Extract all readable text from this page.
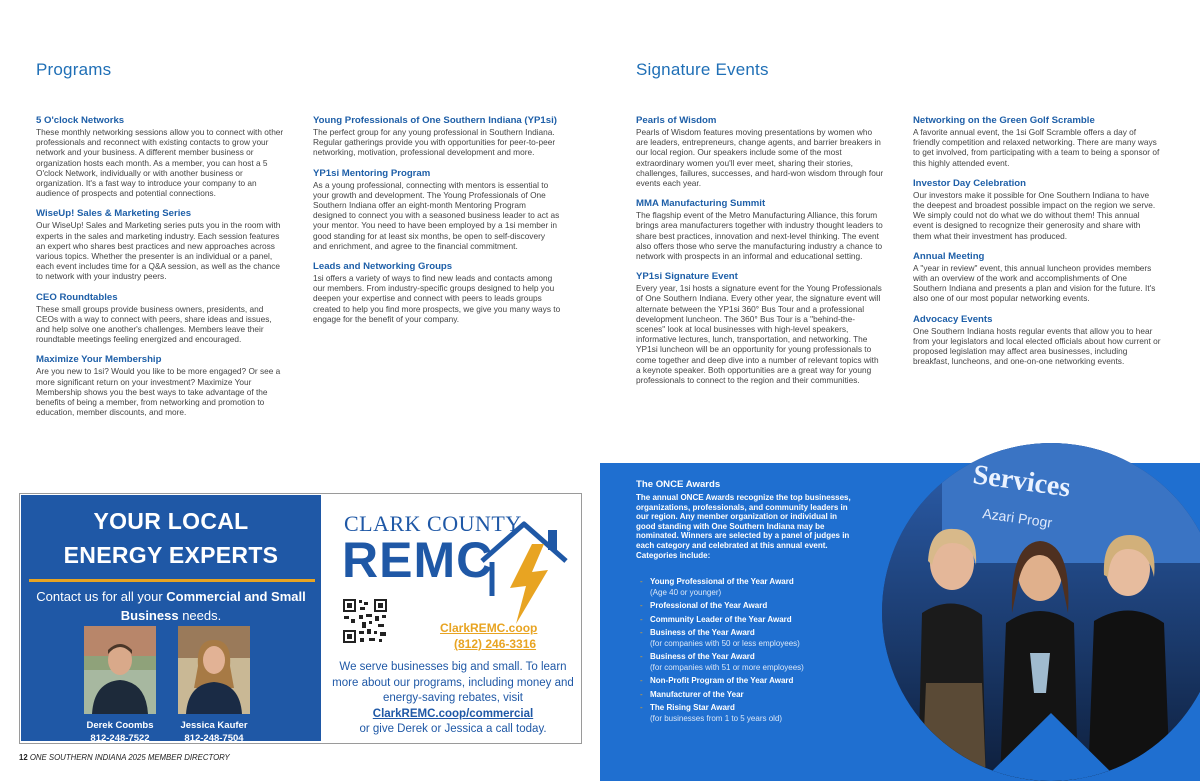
Programs	Signature Events
5 O'clock Networks

These monthly networking sessions allow you to connect with other professionals and reconnect with existing contacts to grow your network and your business. A different member business or organization hosts each month. As a member, you can host a 5 O'clock Network, individually or with another business or organization. It's a fast way to introduce your company to an audience of prospects and potential connections.

WiseUp! Sales & Marketing Series

Our WiseUp! Sales and Marketing series puts you in the room with experts in the sales and marketing industry. Each session features an expert who shares best practices and new approaches across various topics. Whether the presenter is an individual or a panel, each event includes time for a Q&A session, as well as the chance to network with your industry peers.

CEO Roundtables

These small groups provide business owners, presidents, and CEOs with a way to connect with peers, share ideas and issues, and help solve one another's challenges. Members leave their roundtable meetings feeling energized and encouraged.

Maximize Your Membership

Are you new to 1si? Would you like to be more engaged? Or see a more significant return on your investment? Maximize Your Membership shows you the best ways to take advantage of the benefits of being a member, from networking and promotion to education, member discounts, and more.

Young Professionals of One Southern Indiana (YP1si)

The perfect group for any young professional in Southern Indiana. Regular gatherings provide you with opportunities for peer-to-peer networking, motivation, professional development and more.

YP1si Mentoring Program

As a young professional, connecting with mentors is essential to your growth and development. The Young Professionals of One Southern Indiana offer an eight-month Mentoring Program designed to connect you with a seasoned business leader to act as your mentor. You need to have been employed by a 1si member in good standing for at least six months, be open to self-discovery and enrichment, and agree to the financial commitment.

Leads and Networking Groups

1si offers a variety of ways to find new leads and contacts among our members. From industry-specific groups designed to help you deepen your expertise and connect with peers to leads groups created to help you find more prospects, we give you many ways to engage for the benefit of your company.

Pearls of Wisdom

Pearls of Wisdom features moving presentations by women who are leaders, entrepreneurs, change agents, and barrier breakers in our local region. Our speakers include some of the most extraordinary women you'll ever meet, sharing their stories, challenges, failures, successes, and hard-won wisdom through four events each year.

MMA Manufacturing Summit

The flagship event of the Metro Manufacturing Alliance, this forum brings area manufacturers together with industry thought leaders to share best practices, innovation and next-level thinking. The event also offers those who serve the manufacturing industry a chance to network with prospects in an informal and educational setting.

YP1si Signature Event

Every year, 1si hosts a signature event for the Young Professionals of One Southern Indiana. Every other year, the signature event will alternate between the YP1si 360° Bus Tour and a professional development luncheon. The 360° Bus Tour is a "behind-the-scenes" look at local businesses with high-level speakers, informative lectures, lunch, transportation, and networking. The YP1si luncheon will be an opportunity for young professionals to come together and deep dive into a number of relevant topics with a keynote speaker. Both opportunities are a great way for young professionals to connect to the region and their communities.

Networking on the Green Golf Scramble

A favorite annual event, the 1si Golf Scramble offers a day of friendly competition and relaxed networking. There are many ways to get involved, from participating with a team to being a sponsor of this highly attended event.

Investor Day Celebration

Our investors make it possible for One Southern Indiana to have the deepest and broadest possible impact on the region we serve. We simply could not do what we do without them! This annual event is designed to recognize their generosity and share with them what their investment has produced.

Annual Meeting

A "year in review" event, this annual luncheon provides members with an overview of the work and accomplishments of One Southern Indiana and presents a plan and vision for the future. It's also one of our most popular networking events.

Advocacy Events

One Southern Indiana hosts regular events that allow you to hear from your legislators and local elected officials about how current or proposed legislation may affect area businesses, including breakfast, luncheons, and one-on-one networking events.

YOUR LOCAL
ENERGY EXPERTS
Contact us for all your Commercial and Small Business needs.
Derek Coombs
812-248-7522
Jessica Kaufer
812-248-7504
CLARK COUNTY
REMC
ClarkREMC.coop
(812) 246-3316
We serve businesses big and small. To learn more about our programs, including money and energy-saving rebates, visit
ClarkREMC.coop/commercial
or give Derek or Jessica a call today.
The ONCE Awards

The annual ONCE Awards recognize the top businesses, organizations, professionals, and community leaders in our region. Any member organization or individual in good standing with One Southern Indiana may be nominated. Winners are selected by a panel of judges in each category and celebrated at this annual event. Categories include:

- Young Professional of the Year Award
(Age 40 or younger)
- Professional of the Year Award
- Community Leader of the Year Award
- Business of the Year Award
(for companies with 50 or less employees)
- Business of the Year Award
(for companies with 51 or more employees)
- Non-Profit Program of the Year Award
- Manufacturer of the Year
- The Rising Star Award
(for businesses from 1 to 5 years old)
Services
Azari Progr
12 ONE SOUTHERN INDIANA 2025 MEMBER DIRECTORY
